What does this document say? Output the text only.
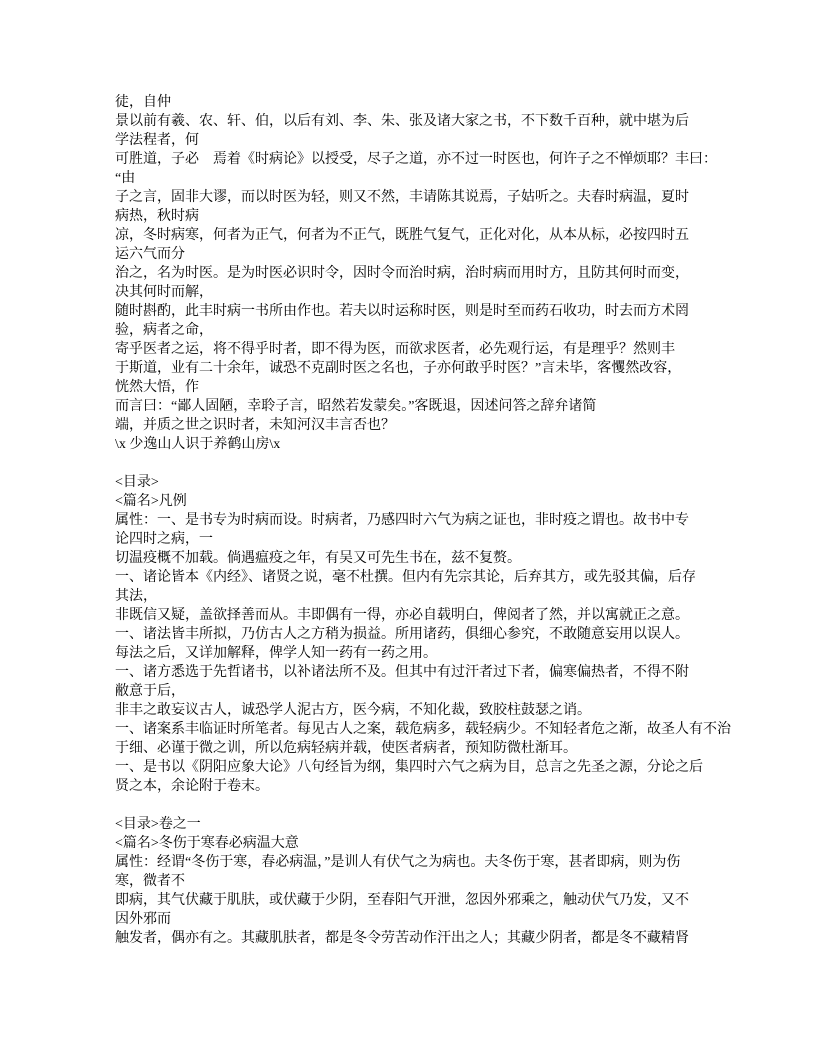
徒，自仲
景以前有羲、农、轩、伯，以后有刘、李、朱、张及诸大家之书，不下数千百种，就中堪为后
学法程者，何
可胜道，子必　焉着《时病论》以授受，尽子之道，亦不过一时医也，何许子之不惮烦耶？丰曰：
“由
子之言，固非大谬，而以时医为轻，则又不然，丰请陈其说焉，子姑听之。夫春时病温，夏时
病热，秋时病
凉，冬时病寒，何者为正气，何者为不正气，既胜气复气，正化对化，从本从标，必按四时五
运六气而分
治之，名为时医。是为时医必识时令，因时令而治时病，治时病而用时方，且防其何时而变，
决其何时而解，
随时斟酌，此丰时病一书所由作也。若夫以时运称时医，则是时至而药石收功，时去而方术罔
验，病者之命，
寄乎医者之运，将不得乎时者，即不得为医，而欲求医者，必先观行运，有是理乎？然则丰
于斯道，业有二十余年，诚恐不克副时医之名也，子亦何敢乎时医？”言未毕，客戄然改容，
恍然大悟，作
而言曰：“鄙人固陋，幸聆子言，昭然若发蒙矣。”客既退，因述问答之辞弁诸简
端，并质之世之识时者，未知河汉丰言否也？
\x 少逸山人识于养鹤山房\x
<目录>
<篇名>凡例
属性：一、是书专为时病而设。时病者，乃感四时六气为病之证也，非时疫之谓也。故书中专
论四时之病，一
切温疫概不加载。倘遇瘟疫之年，有吴又可先生书在，兹不复赘。
一、诸论皆本《内经》、诸贤之说，毫不杜撰。但内有先宗其论，后弃其方，或先驳其偏，后存
其法，
非既信又疑，盖欲择善而从。丰即偶有一得，亦必自载明白，俾阅者了然，并以寓就正之意。
一、诸法皆丰所拟，乃仿古人之方稍为损益。所用诸药，俱细心参究，不敢随意妄用以误人。
每法之后，又详加解释，俾学人知一药有一药之用。
一、诸方悉选于先哲诸书，以补诸法所不及。但其中有过汗者过下者，偏寒偏热者，不得不附
敝意于后，
非丰之敢妄议古人，诚恐学人泥古方，医今病，不知化裁，致胶柱鼓瑟之诮。
一、诸案系丰临证时所笔者。每见古人之案，载危病多，载轻病少。不知轻者危之渐，故圣人有不治
于细、必谨于微之训，所以危病轻病并载，使医者病者，预知防微杜渐耳。
一、是书以《阴阳应象大论》八句经旨为纲，集四时六气之病为目，总言之先圣之源，分论之后
贤之本，余论附于卷末。
<目录>卷之一
<篇名>冬伤于寒春必病温大意
属性：经谓“冬伤于寒，春必病温，”是训人有伏气之为病也。夫冬伤于寒，甚者即病，则为伤
寒，微者不
即病，其气伏藏于肌肤，或伏藏于少阴，至春阳气开泄，忽因外邪乘之，触动伏气乃发，又不
因外邪而
触发者，偶亦有之。其藏肌肤者，都是冬令劳苦动作汗出之人；其藏少阴者，都是冬不藏精肾
